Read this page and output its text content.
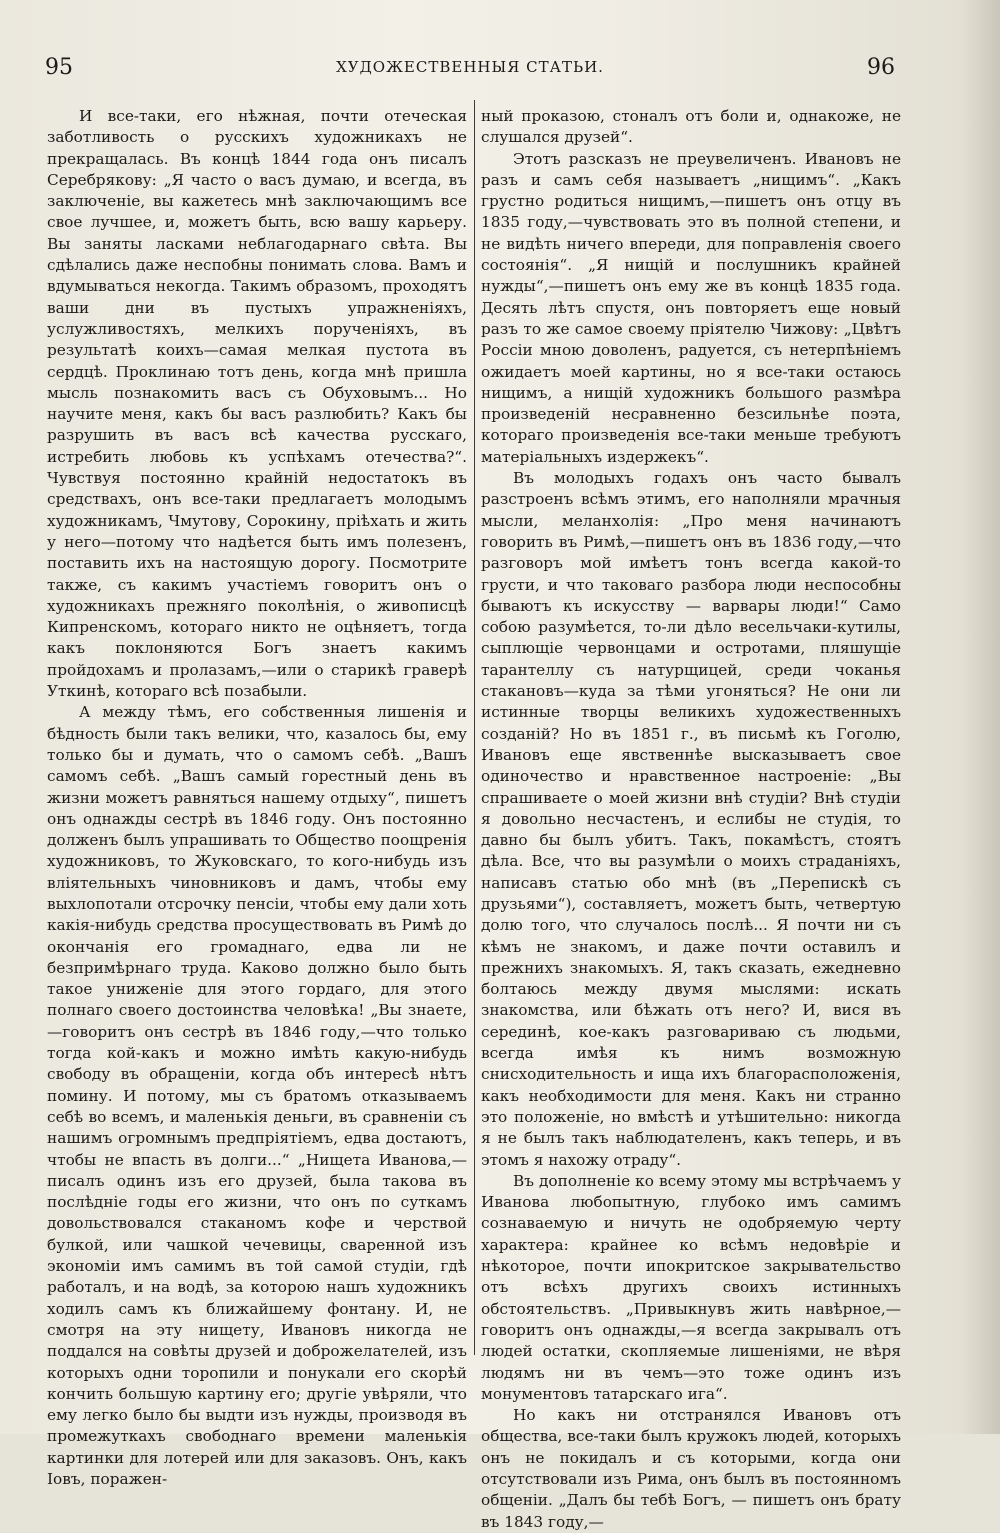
95	ХУДОЖЕСТВЕННЫЯ СТАТЬИ.	96

И все-таки, его нѣжная, почти отеческая заботливость о русскихъ художникахъ не прекращалась. Въ концѣ 1844 года онъ писалъ Серебрякову: „Я часто о васъ думаю, и всегда, въ заключеніе, вы кажетесь мнѣ заключающимъ все свое лучшее, и, можетъ быть, всю вашу карьеру. Вы заняты ласками неблагодарнаго свѣта. Вы сдѣлались даже неспобны понимать слова. Вамъ и вдумываться некогда. Такимъ образомъ, проходятъ ваши дни въ пустыхъ упражненіяхъ, услужливостяхъ, мелкихъ порученіяхъ, въ результатѣ коихъ—самая мелкая пустота въ сердцѣ. Проклинаю тотъ день, когда мнѣ пришла мысль познакомить васъ съ Обуховымъ... Но научите меня, какъ бы васъ разлюбить? Какъ бы разрушить въ васъ всѣ качества русскаго, истребить любовь къ успѣхамъ отечества?“. Чувствуя постоянно крайній недостатокъ въ средствахъ, онъ все-таки предлагаетъ молодымъ художникамъ, Чмутову, Сорокину, пріѣхать и жить у него—потому что надѣется быть имъ полезенъ, поставить ихъ на настоящую дорогу. Посмотрите также, съ какимъ участіемъ говоритъ онъ о художникахъ прежняго поколѣнія, о живописцѣ Кипренскомъ, котораго никто не оцѣняетъ, тогда какъ поклоняются Богъ знаетъ какимъ пройдохамъ и пролазамъ,—или о старикѣ граверѣ Уткинѣ, котораго всѣ позабыли.

А между тѣмъ, его собственныя лишенія и бѣдность были такъ велики, что, казалось бы, ему только бы и думать, что о самомъ себѣ. „Вашъ самомъ себѣ. „Вашъ самый горестный день въ жизни можетъ равняться нашему отдыху“, пишетъ онъ однажды сестрѣ въ 1846 году. Онъ постоянно долженъ былъ упрашивать то Общество поощренія художниковъ, то Жуковскаго, то кого-нибудь изъ вліятельныхъ чиновниковъ и дамъ, чтобы ему выхлопотали отсрочку пенсіи, чтобы ему дали хоть какія-нибудь средства просуществовать въ Римѣ до окончанія его громаднаго, едва ли не безпримѣрнаго труда. Каково должно было быть такое униженіе для этого гордаго, для этого полнаго своего достоинства человѣка! „Вы знаете,—говоритъ онъ сестрѣ въ 1846 году,—что только тогда кой-какъ и можно имѣть какую-нибудь свободу въ обращеніи, когда объ интересѣ нѣтъ помину. И потому, мы съ братомъ отказываемъ себѣ во всемъ, и маленькія деньги, въ сравненіи съ нашимъ огромнымъ предпріятіемъ, едва достаютъ, чтобы не впасть въ долги...“ „Нищета Иванова,—писалъ одинъ изъ его друзей, была такова въ послѣдніе годы его жизни, что онъ по суткамъ довольствовался стаканомъ кофе и черствой булкой, или чашкой чечевицы, сваренной изъ экономіи имъ самимъ въ той самой студіи, гдѣ работалъ, и на водѣ, за которою нашъ художникъ ходилъ самъ къ ближайшему фонтану. И, не смотря на эту нищету, Ивановъ никогда не поддался на совѣты друзей и доброжелателей, изъ которыхъ одни торопили и понукали его скорѣй кончить большую картину его; другіе увѣряли, что ему легко было бы выдти изъ нужды, производя въ промежуткахъ свободнаго времени маленькія картинки для лотерей или для заказовъ. Онъ, какъ Іовъ, поражен-

ный проказою, стоналъ отъ боли и, однакоже, не слушался друзей“.

Этотъ разсказъ не преувеличенъ. Ивановъ не разъ и самъ себя называетъ „нищимъ“. „Какъ грустно родиться нищимъ,—пишетъ онъ отцу въ 1835 году,—чувствовать это въ полной степени, и не видѣть ничего впереди, для поправленія своего состоянія“. „Я нищій и послушникъ крайней нужды“,—пишетъ онъ ему же въ концѣ 1835 года. Десять лѣтъ спустя, онъ повторяетъ еще новый разъ то же самое своему пріятелю Чижову: „Цвѣтъ Россіи мною доволенъ, радуется, съ нетерпѣніемъ ожидаетъ моей картины, но я все-таки остаюсь нищимъ, а нищій художникъ большого размѣра произведеній несравненно безсильнѣе поэта, котораго произведенія все-таки меньше требуютъ матеріальныхъ издержекъ“.

Въ молодыхъ годахъ онъ часто бывалъ разстроенъ всѣмъ этимъ, его наполняли мрачныя мысли, меланхолія: „Про меня начинаютъ говорить въ Римѣ,—пишетъ онъ въ 1836 году,—что разговоръ мой имѣетъ тонъ всегда какой-то грусти, и что таковаго разбора люди неспособны бываютъ къ искусству — варвары люди!“ Само собою разумѣется, то-ли дѣло весельчаки-кутилы, сыплющіе червонцами и остротами, пляшущіе тарантеллу съ натурщицей, среди чоканья стакановъ—куда за тѣми угоняться? Не они ли истинные творцы великихъ художественныхъ созданій? Но въ 1851 г., въ письмѣ къ Гоголю, Ивановъ еще явственнѣе высказываетъ свое одиночество и нравственное настроеніе: „Вы спрашиваете о моей жизни внѣ студіи? Внѣ студіи я довольно несчастенъ, и еслибы не студія, то давно бы былъ убитъ. Такъ, покамѣстъ, стоятъ дѣла. Все, что вы разумѣли о моихъ страданіяхъ, написавъ статью обо мнѣ (въ „Перепискѣ съ друзьями“), составляетъ, можетъ быть, четвертую долю того, что случалось послѣ... Я почти ни съ кѣмъ не знакомъ, и даже почти оставилъ и прежнихъ знакомыхъ. Я, такъ сказать, ежедневно болтаюсь между двумя мыслями: искать знакомства, или бѣжать отъ него? И, вися въ серединѣ, кое-какъ разговариваю съ людьми, всегда имѣя къ нимъ возможную снисходительность и ища ихъ благорасположенія, какъ необходимости для меня. Какъ ни странно это положеніе, но вмѣстѣ и утѣшительно: никогда я не былъ такъ наблюдателенъ, какъ теперь, и въ этомъ я нахожу отраду“.

Въ дополненіе ко всему этому мы встрѣчаемъ у Иванова любопытную, глубоко имъ самимъ сознаваемую и ничуть не одобряемую черту характера: крайнее ко всѣмъ недовѣріе и нѣкоторое, почти ипокритское закрывательство отъ всѣхъ другихъ своихъ истинныхъ обстоятельствъ. „Привыкнувъ жить навѣрное,—говоритъ онъ однажды,—я всегда закрывалъ отъ людей остатки, скопляемые лишеніями, не вѣря людямъ ни въ чемъ—это тоже одинъ изъ монументовъ татарскаго ига“.

Но какъ ни отстранялся Ивановъ отъ общества, все-таки былъ кружокъ людей, которыхъ онъ не покидалъ и съ которыми, когда они отсутствовали изъ Рима, онъ былъ въ постоянномъ общеніи. „Далъ бы тебѣ Богъ, — пишетъ онъ брату въ 1843 году,—
